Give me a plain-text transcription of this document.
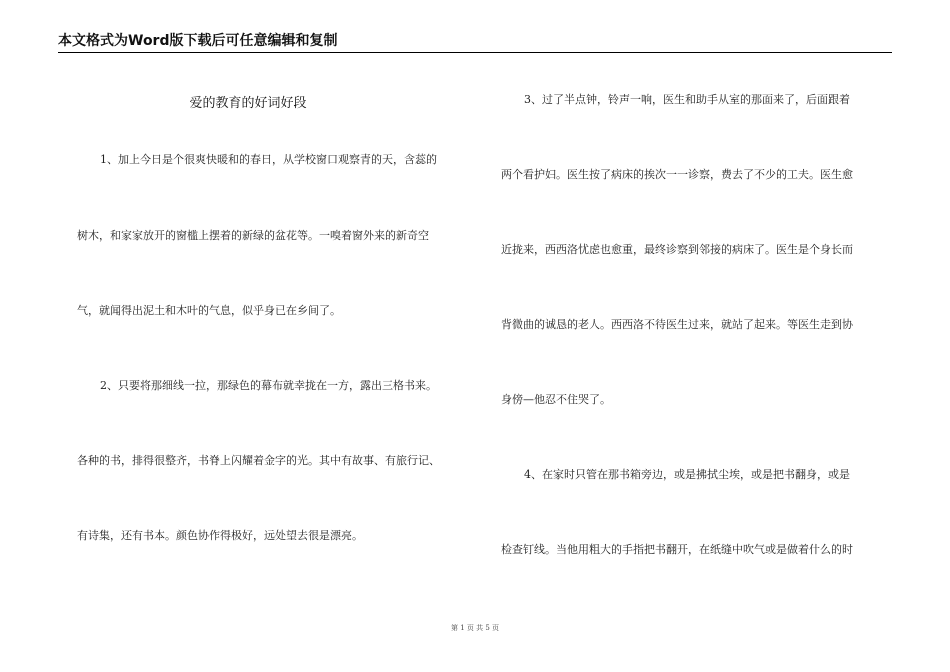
本文格式为Word版下载后可任意编辑和复制
爱的教育的好词好段
1、加上今日是个很爽快暖和的春日，从学校窗口观察青的天，含蕊的
树木，和家家放开的窗槛上摆着的新绿的盆花等。一嗅着窗外来的新奇空
气，就闻得出泥土和木叶的气息，似乎身已在乡间了。
2、只要将那细线一拉，那绿色的幕布就幸拢在一方，露出三格书来。
各种的书，排得很整齐，书脊上闪耀着金字的光。其中有故事、有旅行记、
有诗集，还有书本。颜色协作得极好，远处望去很是漂亮。
3、过了半点钟，铃声一响，医生和助手从室的那面来了，后面跟着
两个看护妇。医生按了病床的挨次一一诊察，费去了不少的工夫。医生愈
近拢来，西西洛忧虑也愈重，最终诊察到邻接的病床了。医生是个身长而
背微曲的诚恳的老人。西西洛不待医生过来，就站了起来。等医生走到协
身傍—他忍不住哭了。
4、在家时只管在那书箱旁边，或是拂拭尘埃，或是把书翻身，或是
检查钉线。当他用粗大的手指把书翻开，在纸缝中吹气或是做着什么的时
第 1 页 共 5 页
